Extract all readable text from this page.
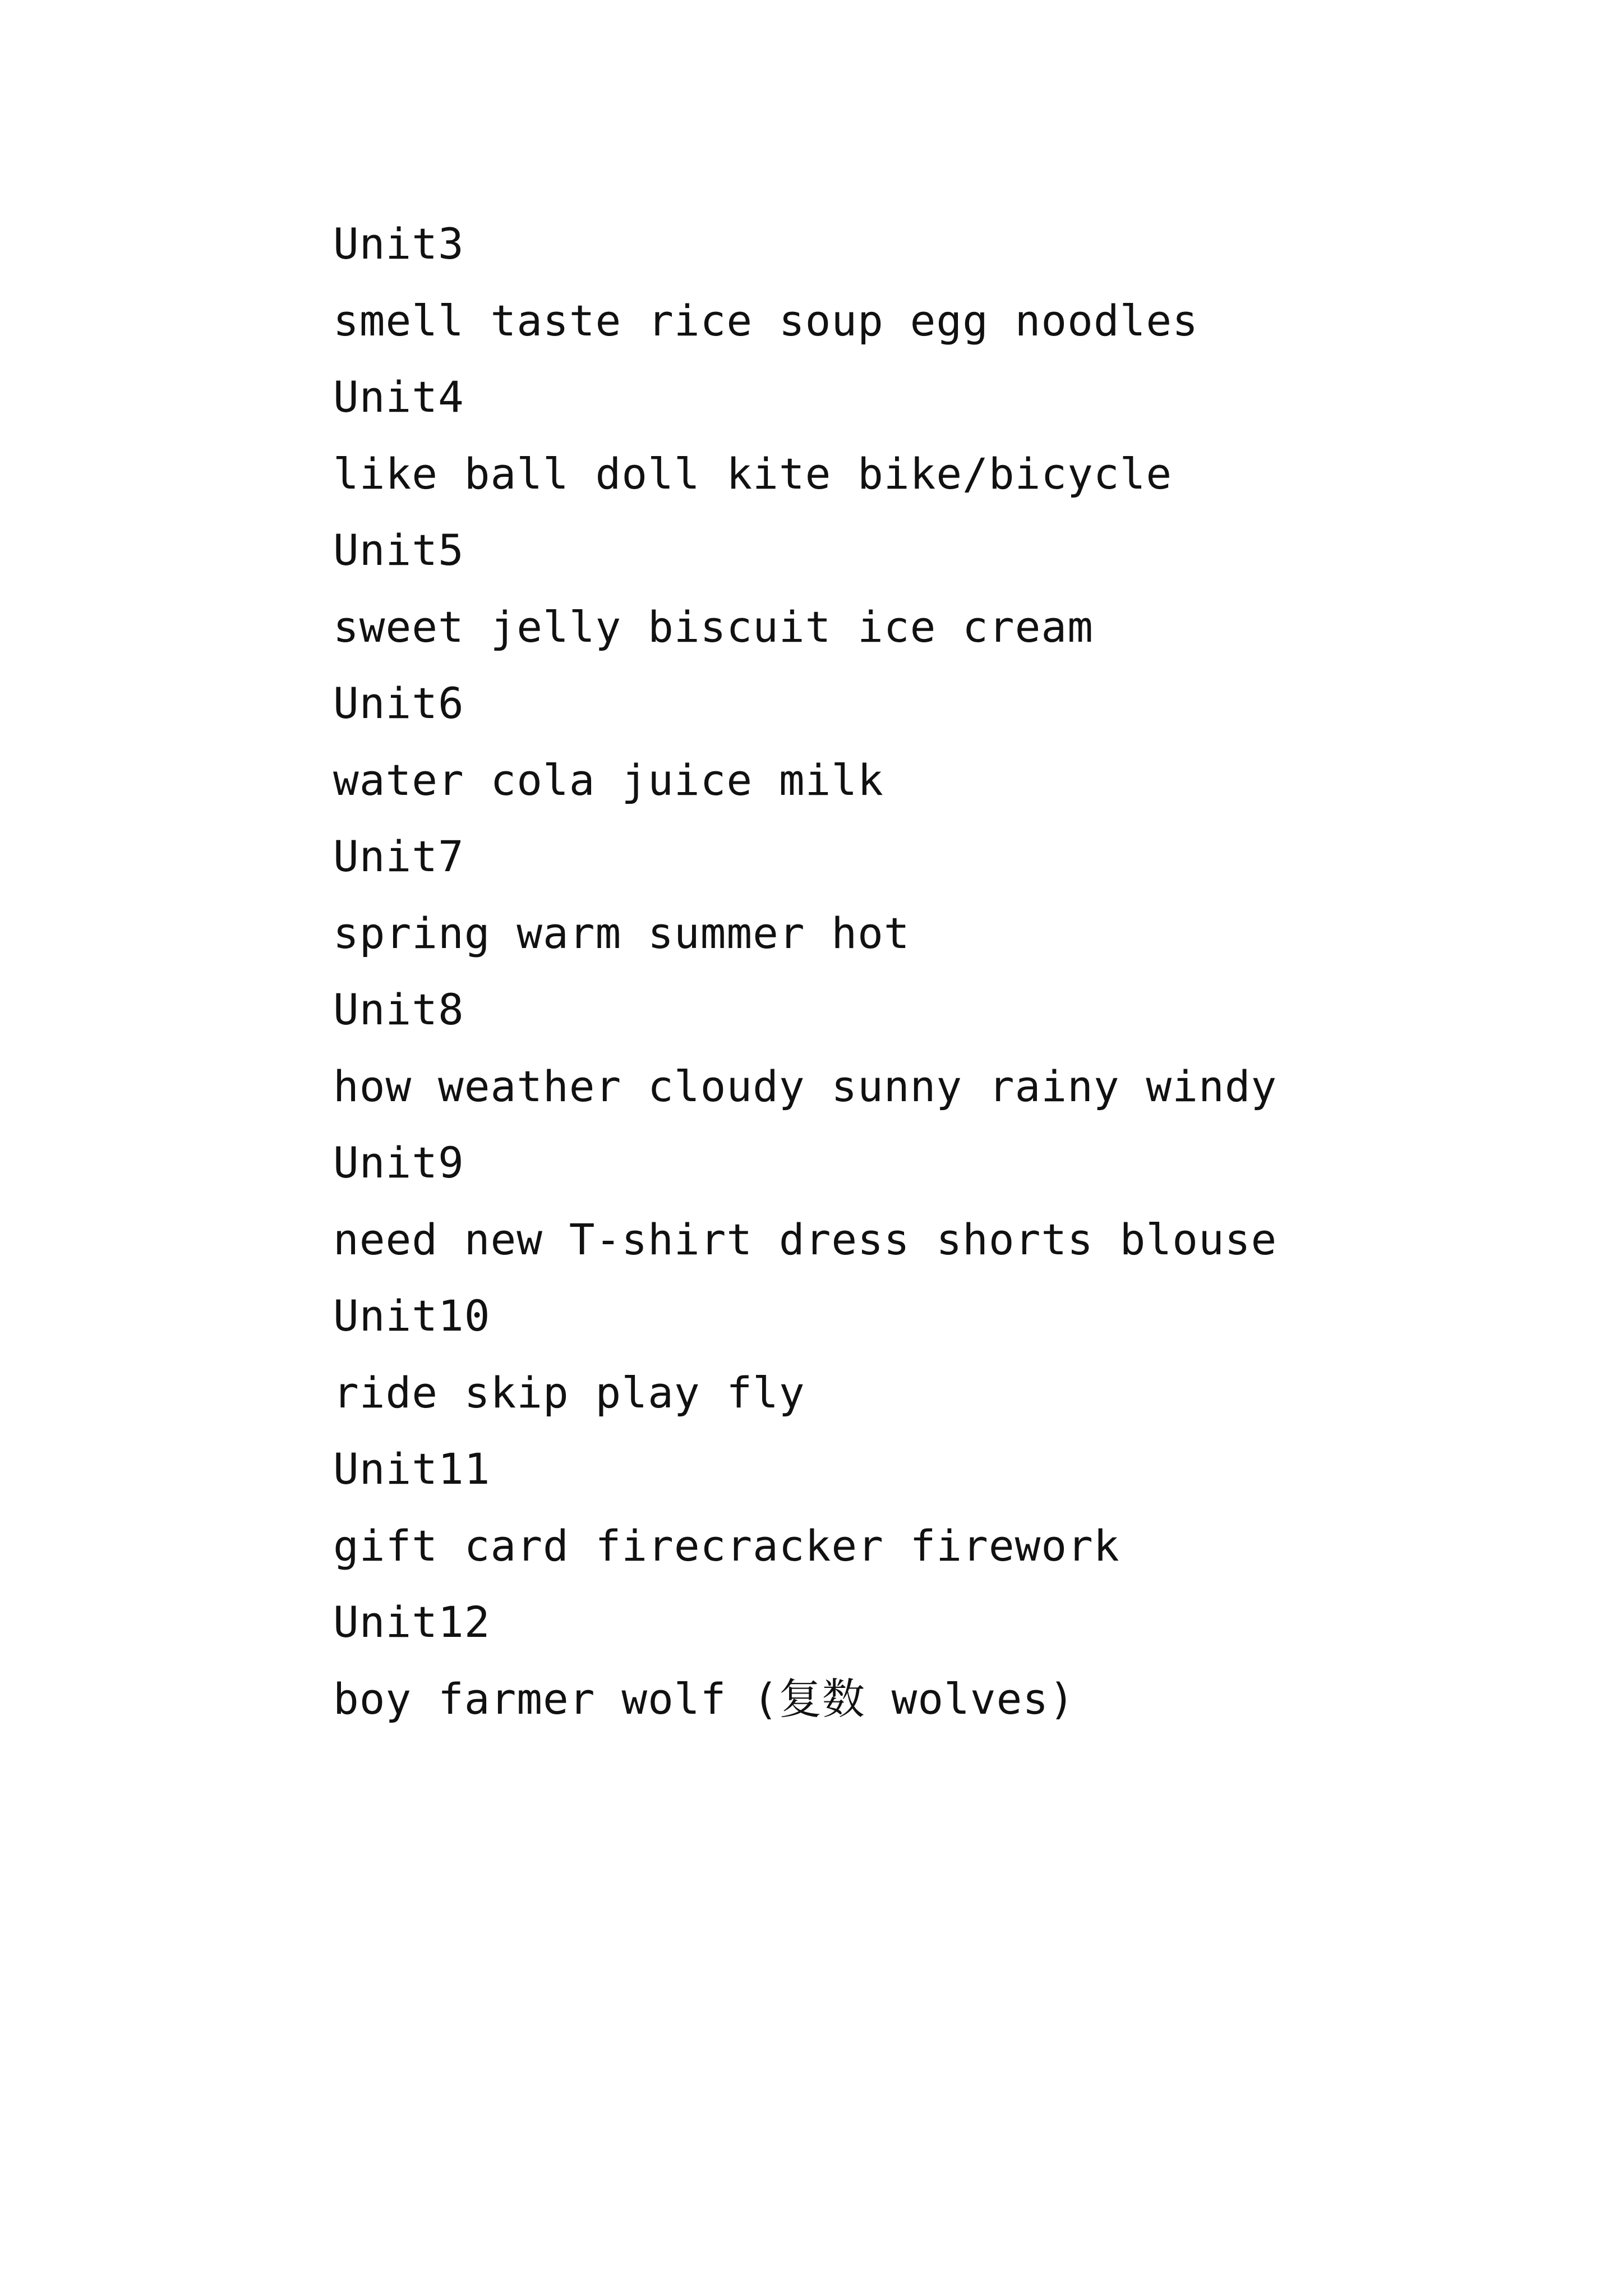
Unit3
smell taste rice soup egg noodles
Unit4
like ball doll kite bike/bicycle
Unit5
sweet jelly biscuit ice cream
Unit6
water cola juice milk
Unit7
spring warm summer hot
Unit8
how weather cloudy sunny rainy windy
Unit9
need new T-shirt dress shorts blouse
Unit10
ride skip play fly
Unit11
gift card firecracker firework
Unit12
boy farmer wolf (复数 wolves)
